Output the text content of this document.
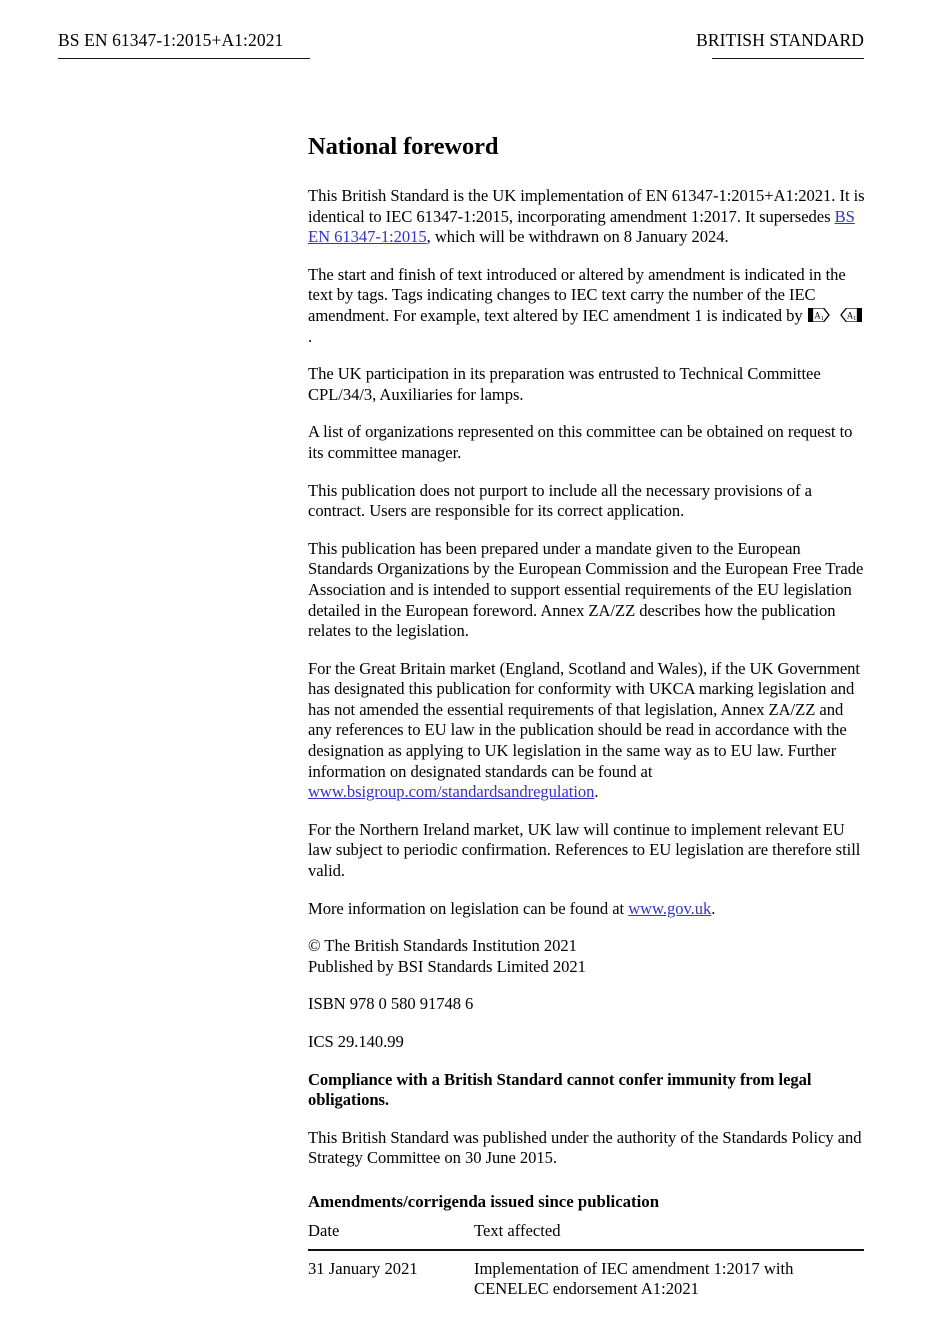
BS EN 61347-1:2015+A1:2021	BRITISH STANDARD
National foreword

This British Standard is the UK implementation of EN 61347-1:2015+A1:2021. It is identical to IEC 61347-1:2015, incorporating amendment 1:2017. It supersedes BS EN 61347-1:2015, which will be withdrawn on 8 January 2024.

The start and finish of text introduced or altered by amendment is indicated in the text by tags. Tags indicating changes to IEC text carry the number of the IEC amendment. For example, text altered by IEC amendment 1 is indicated by A1
	A1
.

The UK participation in its preparation was entrusted to Technical Committee CPL/34/3, Auxiliaries for lamps.

A list of organizations represented on this committee can be obtained on request to its committee manager.

This publication does not purport to include all the necessary provisions of a contract. Users are responsible for its correct application.

This publication has been prepared under a mandate given to the European Standards Organizations by the European Commission and the European Free Trade Association and is intended to support essential requirements of the EU legislation detailed in the European foreword. Annex ZA/ZZ describes how the publication relates to the legislation.

For the Great Britain market (England, Scotland and Wales), if the UK Government has designated this publication for conformity with UKCA marking legislation and has not amended the essential requirements of that legislation, Annex ZA/ZZ and any references to EU law in the publication should be read in accordance with the designation as applying to UK legislation in the same way as to EU law. Further information on designated standards can be found at www.bsigroup.com/standardsandregulation.

For the Northern Ireland market, UK law will continue to implement relevant EU law subject to periodic confirmation. References to EU legislation are therefore still valid.

More information on legislation can be found at www.gov.uk.

© The British Standards Institution 2021

Published by BSI Standards Limited 2021

ISBN 978 0 580 91748 6

ICS 29.140.99

Compliance with a British Standard cannot confer immunity from legal obligations.

This British Standard was published under the authority of the Standards Policy and Strategy Committee on 30 June 2015.

Amendments/corrigenda issued since publication
Date	Text affected
31 January 2021	Implementation of IEC amendment 1:2017 with CENELEC endorsement A1:2021
